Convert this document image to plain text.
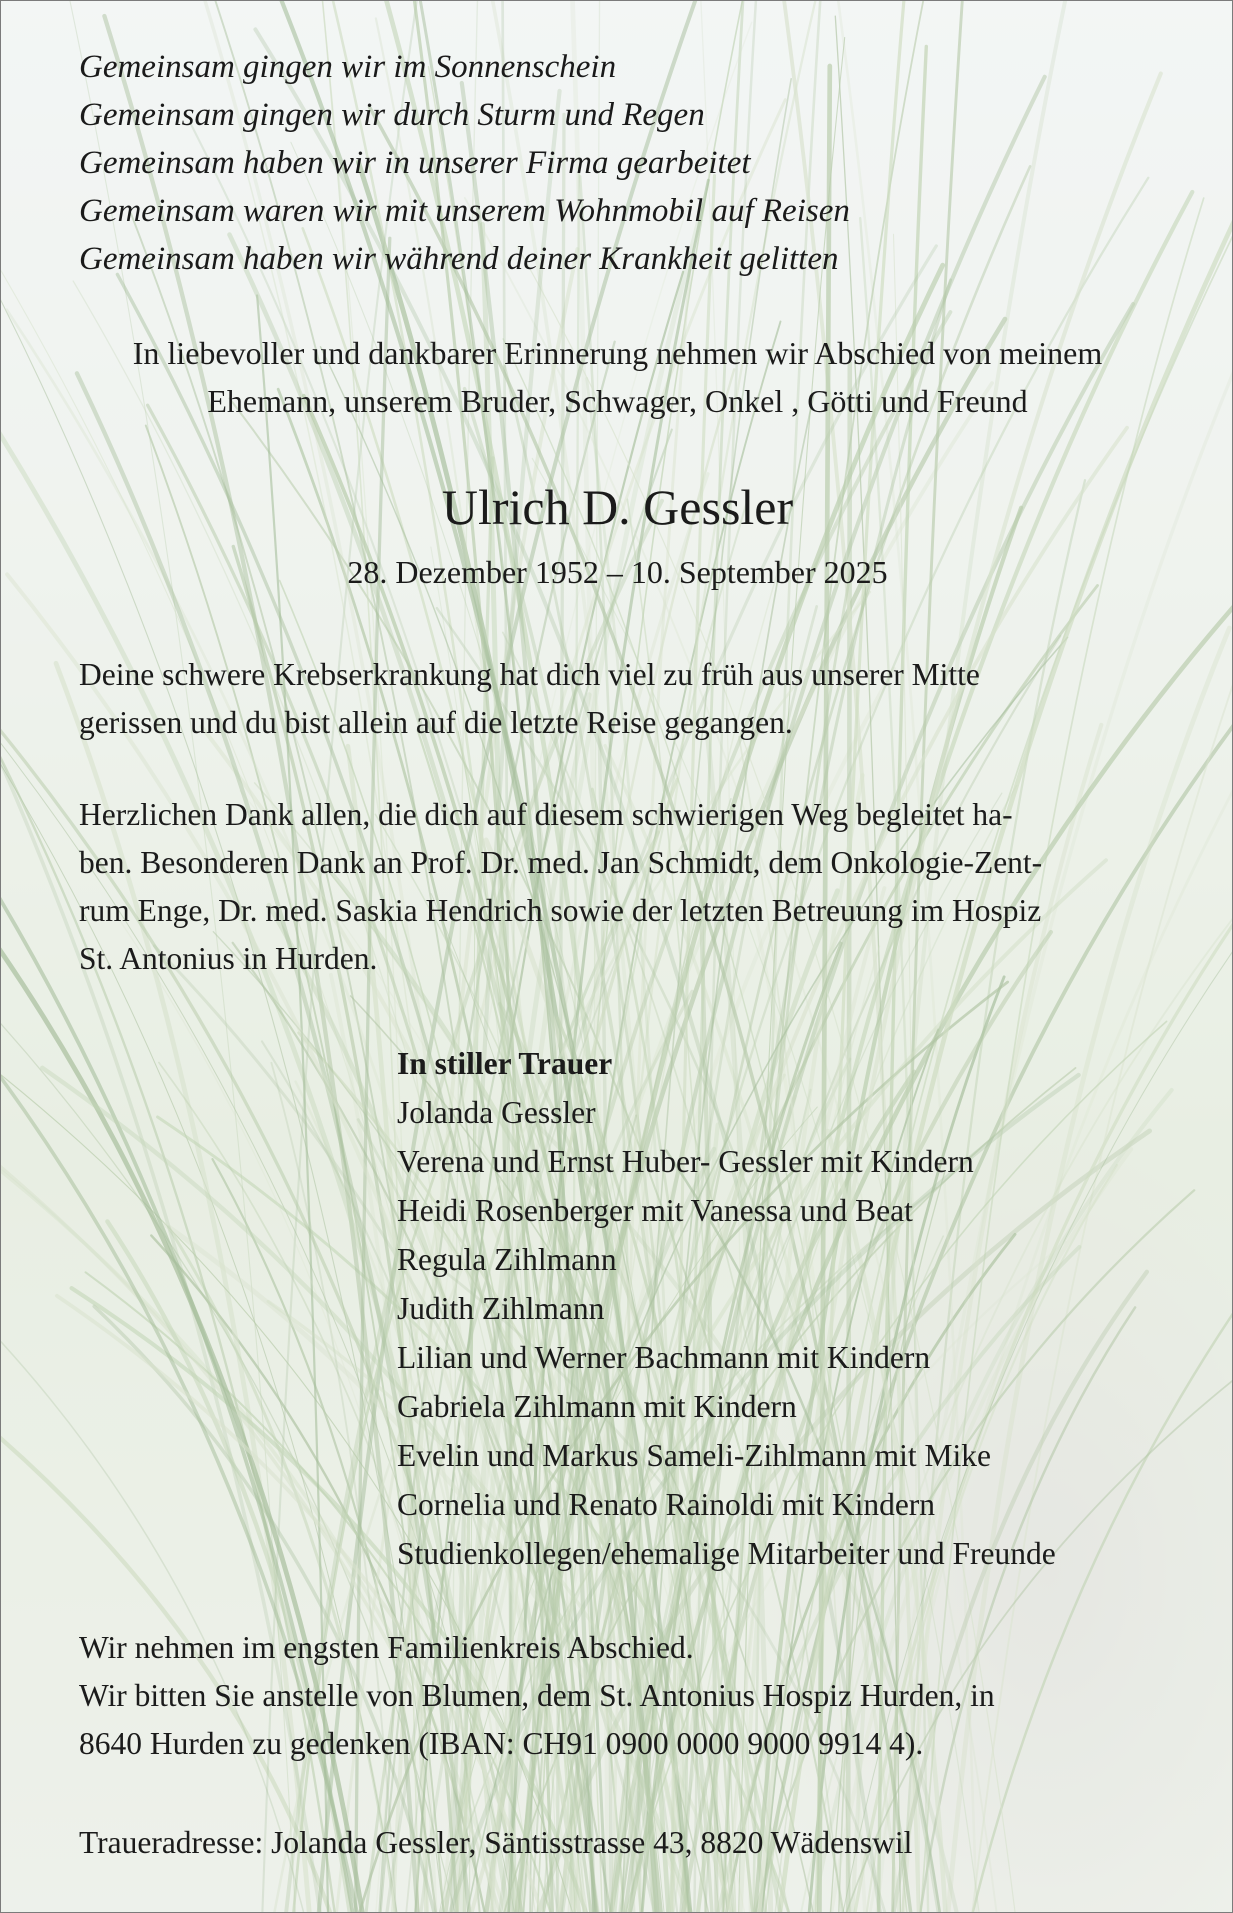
Gemeinsam gingen wir im Sonnenschein
Gemeinsam gingen wir durch Sturm und Regen
Gemeinsam haben wir in unserer Firma gearbeitet
Gemeinsam waren wir mit unserem Wohnmobil auf Reisen
Gemeinsam haben wir während deiner Krankheit gelitten
In liebevoller und dankbarer Erinnerung nehmen wir Abschied von meinem
Ehemann, unserem Bruder, Schwager, Onkel , Götti und Freund
Ulrich D. Gessler
28. Dezember 1952 – 10. September 2025
Deine schwere Krebserkrankung hat dich viel zu früh aus unserer Mitte
gerissen und du bist allein auf die letzte Reise gegangen.
Herzlichen Dank allen, die dich auf diesem schwierigen Weg begleitet ha-
ben. Besonderen Dank an Prof. Dr. med. Jan Schmidt, dem Onkologie-Zent-
rum Enge, Dr. med. Saskia Hendrich sowie der letzten Betreuung im Hospiz
St. Antonius in Hurden.
In stiller Trauer
Jolanda Gessler
Verena und Ernst Huber- Gessler mit Kindern
Heidi Rosenberger mit Vanessa und Beat
Regula Zihlmann
Judith Zihlmann
Lilian und Werner Bachmann mit Kindern
Gabriela Zihlmann mit Kindern
Evelin und Markus Sameli-Zihlmann mit Mike
Cornelia und Renato Rainoldi mit Kindern
Studienkollegen/ehemalige Mitarbeiter und Freunde
Wir nehmen im engsten Familienkreis Abschied.
Wir bitten Sie anstelle von Blumen, dem St. Antonius Hospiz Hurden, in
8640 Hurden zu gedenken (IBAN: CH91 0900 0000 9000 9914 4).
Traueradresse: Jolanda Gessler, Säntisstrasse 43, 8820 Wädenswil
